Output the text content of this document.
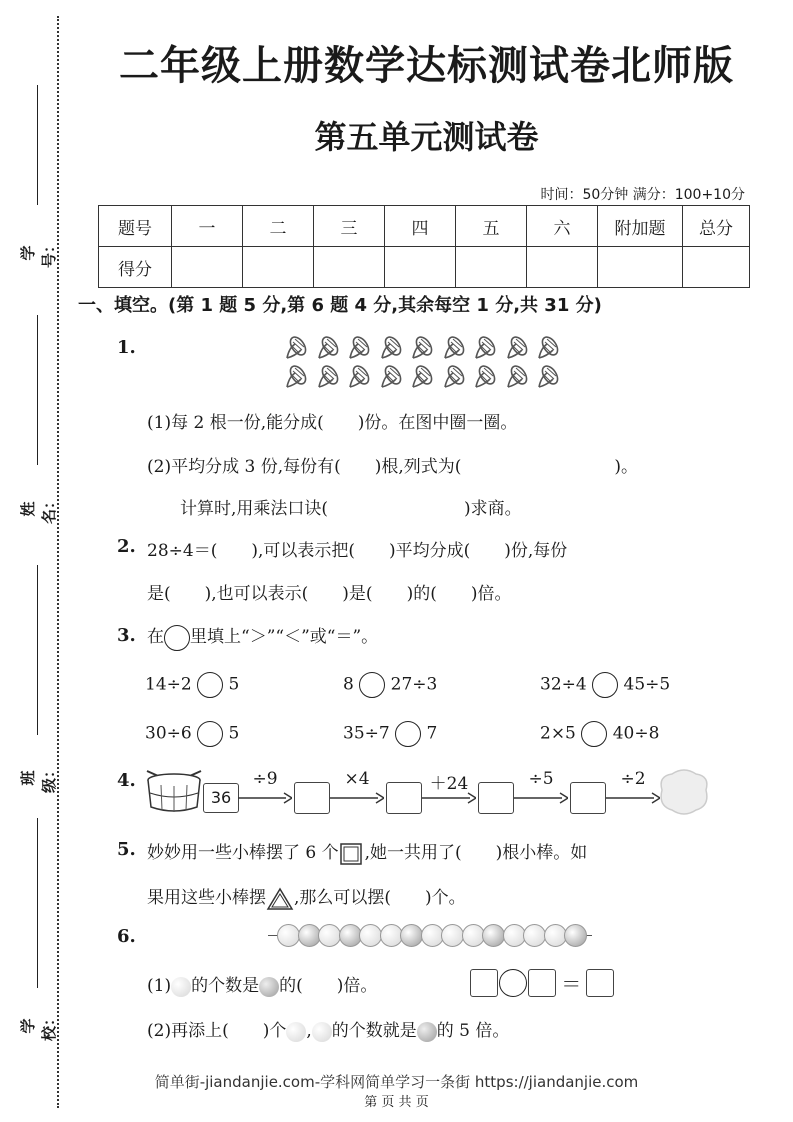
学号：
姓名：
班级：
学校：
二年级上册数学达标测试卷北师版
第五单元测试卷
时间：50分钟 满分：100+10分
题号	一	二	三	四	五	六	附加题	总分
得分								
一、填空。(第 1 题 5 分,第 6 题 4 分,其余每空 1 分,共 31 分)
1.
(1)每 2 根一份,能分成(　　)份。在图中圈一圈。
(2)平均分成 3 份,每份有(　　)根,列式为(　　　　　　　　　)。
计算时,用乘法口诀(　　　　　　　　)求商。
2. 28÷4＝(　　),可以表示把(　　)平均分成(　　)份,每份
是(　　),也可以表示(　　)是(　　)的(　　)倍。
3. 在 里填上“＞”“＜”或“＝”。
14÷2 5	8 27÷3	32÷4 45÷5
30÷6 5	35÷7 7	2×5 40÷8
4.
36
÷9	×4	＋24	÷5	÷2
5. 妙妙用一些小棒摆了 6 个 ,她一共用了(　　)根小棒。如
果用这些小棒摆 ,那么可以摆(　　)个。
6.
(1) 的个数是 的(　　)倍。	＝
(2)再添上(　　)个 , 的个数就是 的 5 倍。
简单街-jiandanjie.com-学科网简单学习一条街 https://jiandanjie.com
第 页 共 页
